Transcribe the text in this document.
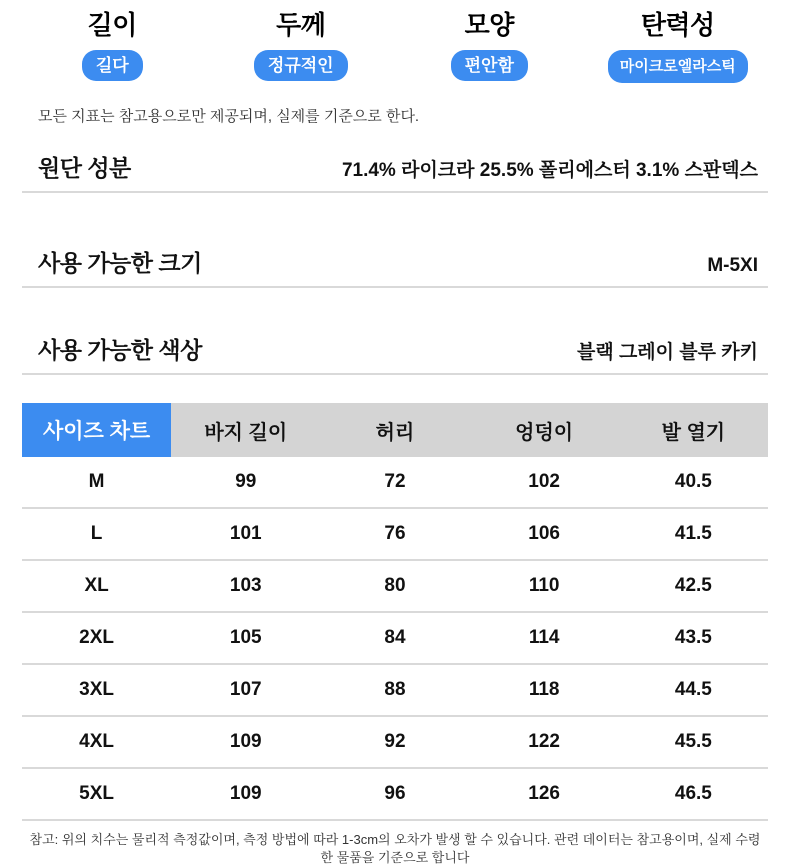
길이
길다
두께
정규적인
모양
편안함
탄력성
마이크로엘라스틱
모든 지표는 참고용으로만 제공되며, 실제를 기준으로 한다.
원단 성분	71.4% 라이크라 25.5% 폴리에스터 3.1% 스판덱스
사용 가능한 크기	M-5XI
사용 가능한 색상	블랙 그레이 블루 카키
사이즈 차트	바지 길이	허리	엉덩이	발 열기
M	99	72	102	40.5
L	101	76	106	41.5
XL	103	80	110	42.5
2XL	105	84	114	43.5
3XL	107	88	118	44.5
4XL	109	92	122	45.5
5XL	109	96	126	46.5
참고: 위의 치수는 물리적 측정값이며, 측정 방법에 따라 1-3cm의 오차가 발생 할 수 있습니다. 관련 데이터는 참고용이며, 실제 수령한 물품을 기준으로 합니다
